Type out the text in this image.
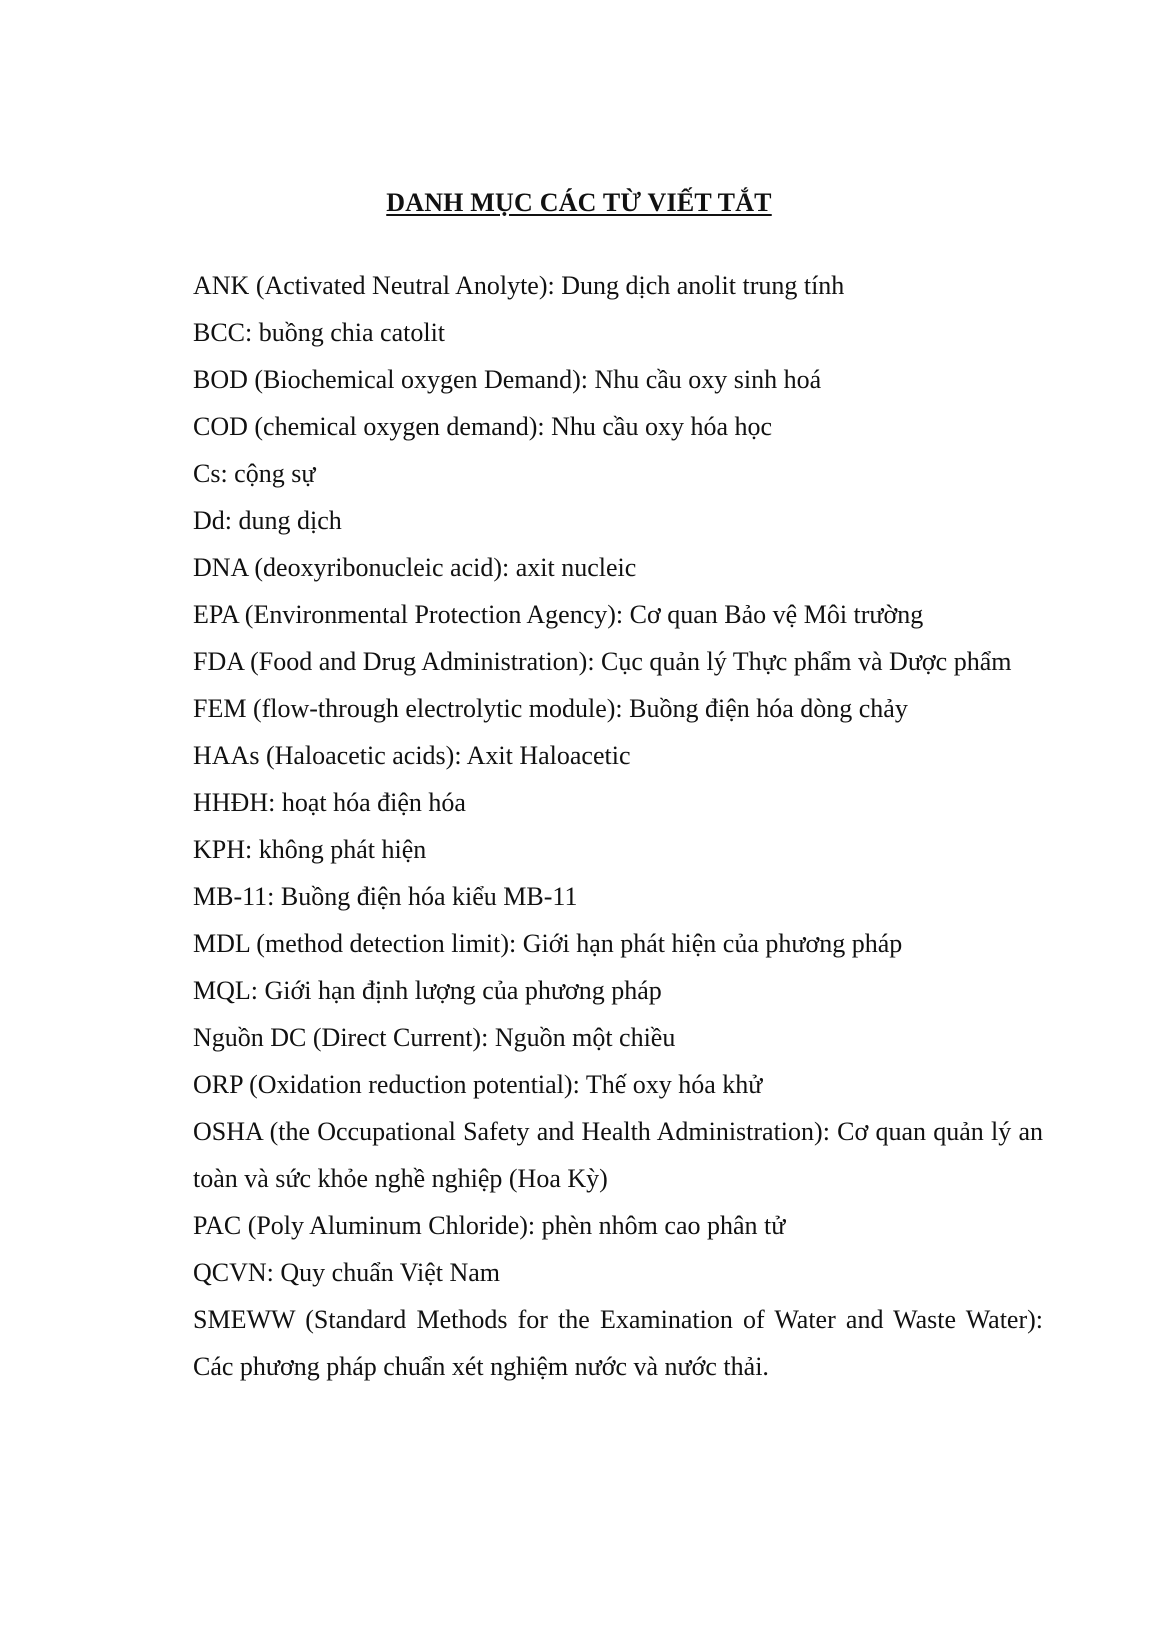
DANH MỤC CÁC TỪ VIẾT TẮT

ANK (Activated Neutral Anolyte): Dung dịch anolit trung tính

BCC: buồng chia catolit

BOD (Biochemical oxygen Demand): Nhu cầu oxy sinh hoá

COD (chemical oxygen demand): Nhu cầu oxy hóa học

Cs: cộng sự

Dd: dung dịch

DNA (deoxyribonucleic acid): axit nucleic

EPA (Environmental Protection Agency): Cơ quan Bảo vệ Môi trường

FDA (Food and Drug Administration): Cục quản lý Thực phẩm và Dược phẩm

FEM (flow-through electrolytic module): Buồng điện hóa dòng chảy

HAAs (Haloacetic acids): Axit Haloacetic

HHĐH: hoạt hóa điện hóa

KPH: không phát hiện

MB-11: Buồng điện hóa kiểu MB-11

MDL (method detection limit): Giới hạn phát hiện của phương pháp

MQL: Giới hạn định lượng của phương pháp

Nguồn DC (Direct Current): Nguồn một chiều

ORP (Oxidation reduction potential): Thế oxy hóa khử

OSHA (the Occupational Safety and Health Administration): Cơ quan quản lý an toàn và sức khỏe nghề nghiệp (Hoa Kỳ)

PAC (Poly Aluminum Chloride): phèn nhôm cao phân tử

QCVN: Quy chuẩn Việt Nam

SMEWW (Standard Methods for the Examination of Water and Waste Water): Các phương pháp chuẩn xét nghiệm nước và nước thải.
